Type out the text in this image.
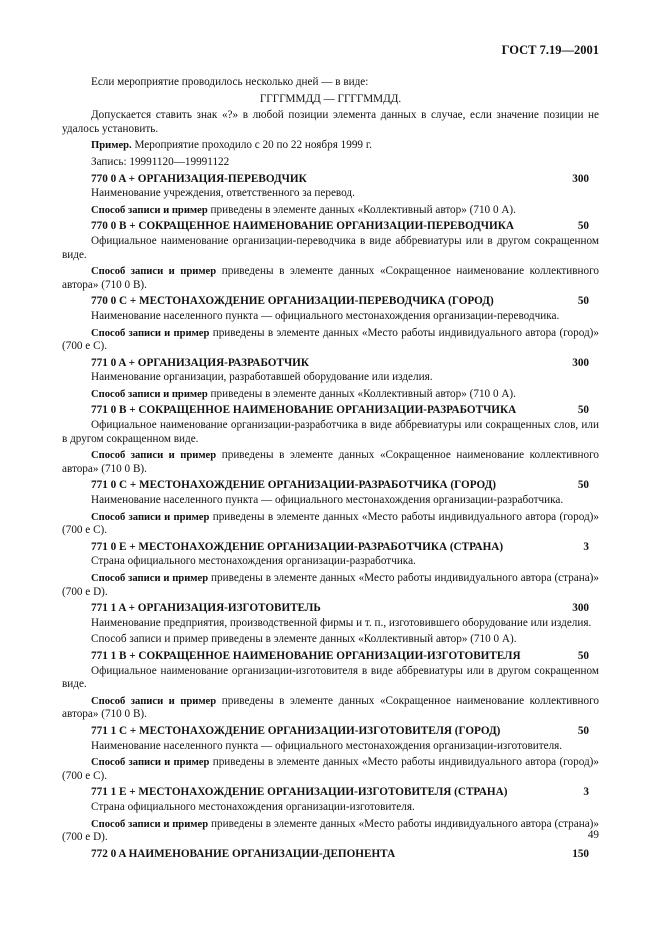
ГОСТ 7.19—2001
Если мероприятие проводилось несколько дней — в виде:
ГГГГММДД — ГГГГММДД.
Допускается ставить знак «?» в любой позиции элемента данных в случае, если значение позиции не удалось установить.
Пример. Мероприятие проходило с 20 по 22 ноября 1999 г.
Запись: 19991120—19991122
770 0 A + ОРГАНИЗАЦИЯ-ПЕРЕВОДЧИК	300
Наименование учреждения, ответственного за перевод.
Способ записи и пример приведены в элементе данных «Коллективный автор» (710 0 A).
770 0 B + СОКРАЩЕННОЕ НАИМЕНОВАНИЕ ОРГАНИЗАЦИИ-ПЕРЕВОДЧИКА	50
Официальное наименование организации-переводчика в виде аббревиатуры или в другом сокращенном виде.
Способ записи и пример приведены в элементе данных «Сокращенное наименование коллективного автора» (710 0 B).
770 0 C + МЕСТОНАХОЖДЕНИЕ ОРГАНИЗАЦИИ-ПЕРЕВОДЧИКА (ГОРОД)	50
Наименование населенного пункта — официального местонахождения организации-переводчика.
Способ записи и пример приведены в элементе данных «Место работы индивидуального автора (город)» (700 e C).
771 0 A + ОРГАНИЗАЦИЯ-РАЗРАБОТЧИК	300
Наименование организации, разработавшей оборудование или изделия.
Способ записи и пример приведены в элементе данных «Коллективный автор» (710 0 A).
771 0 B + СОКРАЩЕННОЕ НАИМЕНОВАНИЕ ОРГАНИЗАЦИИ-РАЗРАБОТЧИКА	50
Официальное наименование организации-разработчика в виде аббревиатуры или сокращенных слов, или в другом сокращенном виде.
Способ записи и пример приведены в элементе данных «Сокращенное наименование коллективного автора» (710 0 B).
771 0 C + МЕСТОНАХОЖДЕНИЕ ОРГАНИЗАЦИИ-РАЗРАБОТЧИКА (ГОРОД)	50
Наименование населенного пункта — официального местонахождения организации-разработчика.
Способ записи и пример приведены в элементе данных «Место работы индивидуального автора (город)» (700 e C).
771 0 E + МЕСТОНАХОЖДЕНИЕ ОРГАНИЗАЦИИ-РАЗРАБОТЧИКА (СТРАНА)	3
Страна официального местонахождения организации-разработчика.
Способ записи и пример приведены в элементе данных «Место работы индивидуального автора (страна)» (700 e D).
771 1 A + ОРГАНИЗАЦИЯ-ИЗГОТОВИТЕЛЬ	300
Наименование предприятия, производственной фирмы и т. п., изготовившего оборудование или изделия.
Способ записи и пример приведены в элементе данных «Коллективный автор» (710 0 A).
771 1 B + СОКРАЩЕННОЕ НАИМЕНОВАНИЕ ОРГАНИЗАЦИИ-ИЗГОТОВИТЕЛЯ	50
Официальное наименование организации-изготовителя в виде аббревиатуры или в другом сокращенном виде.
Способ записи и пример приведены в элементе данных «Сокращенное наименование коллективного автора» (710 0 B).
771 1 C + МЕСТОНАХОЖДЕНИЕ ОРГАНИЗАЦИИ-ИЗГОТОВИТЕЛЯ (ГОРОД)	50
Наименование населенного пункта — официального местонахождения организации-изготовителя.
Способ записи и пример приведены в элементе данных «Место работы индивидуального автора (город)» (700 e C).
771 1 E + МЕСТОНАХОЖДЕНИЕ ОРГАНИЗАЦИИ-ИЗГОТОВИТЕЛЯ (СТРАНА)	3
Страна официального местонахождения организации-изготовителя.
Способ записи и пример приведены в элементе данных «Место работы индивидуального автора (страна)» (700 e D).
772 0 A НАИМЕНОВАНИЕ ОРГАНИЗАЦИИ-ДЕПОНЕНТА	150
49
